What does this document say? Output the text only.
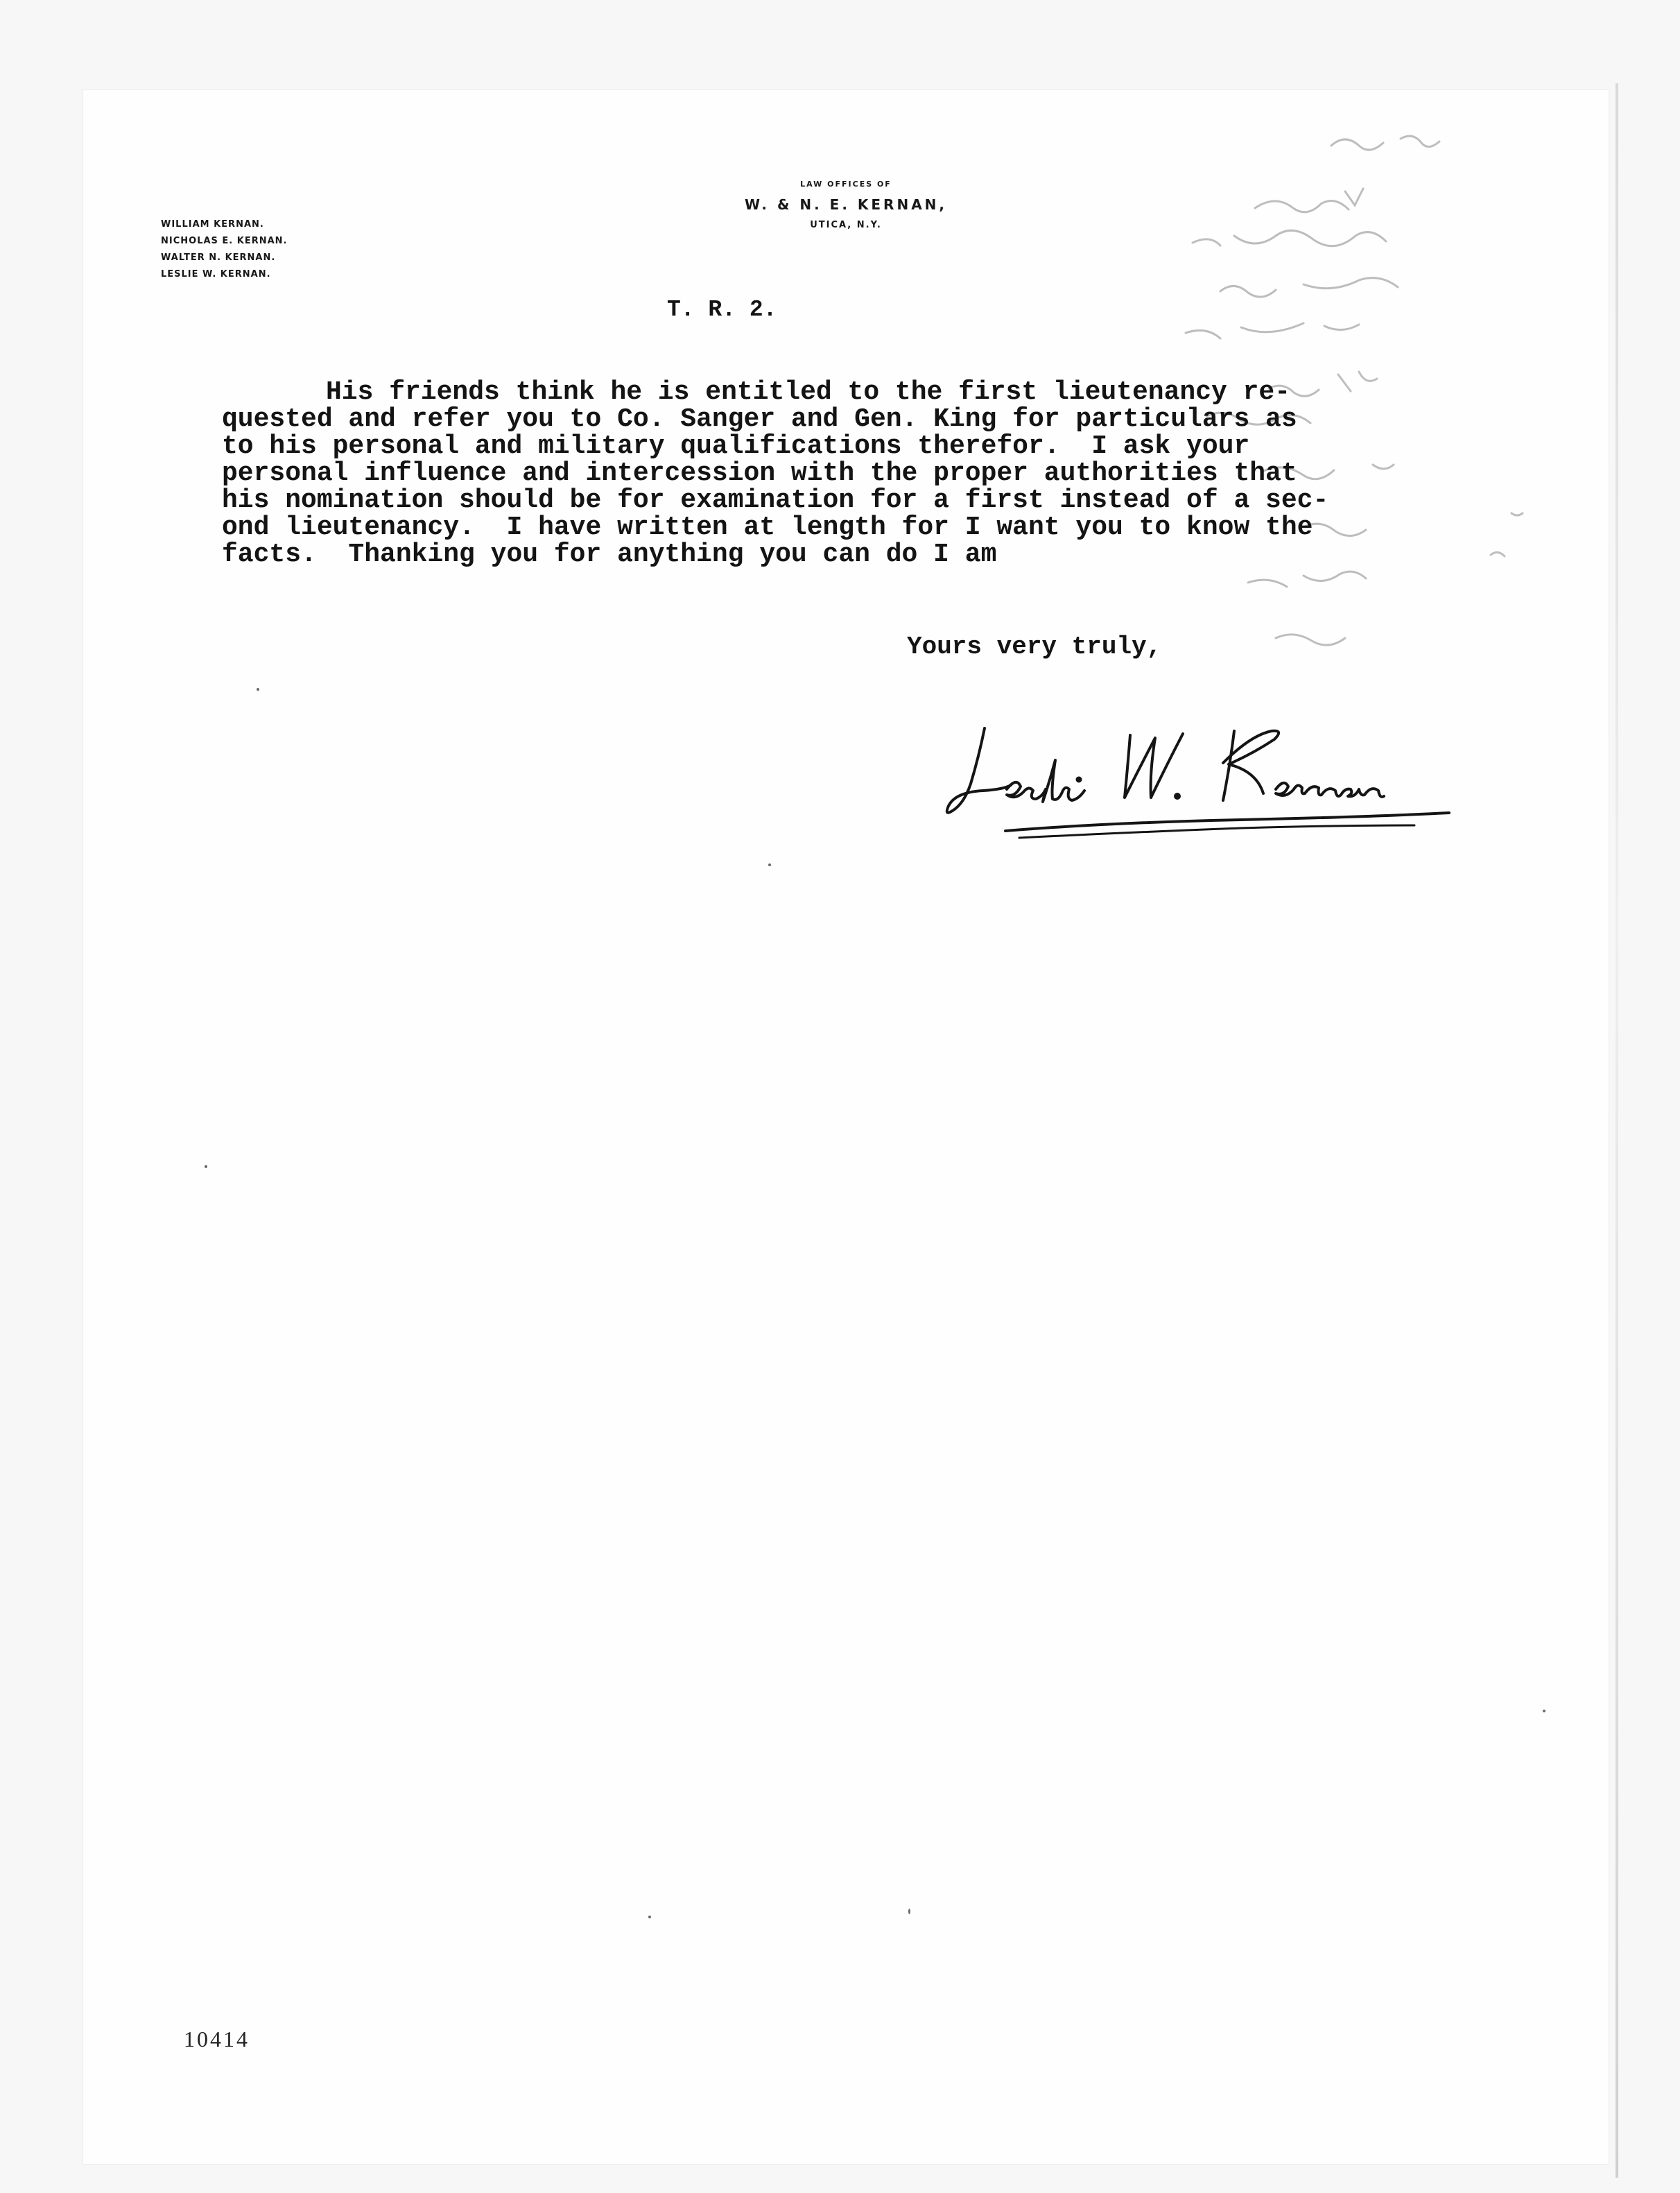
WILLIAM KERNAN.
NICHOLAS E. KERNAN.
WALTER N. KERNAN.
LESLIE W. KERNAN.
LAW OFFICES OF
W. & N. E. KERNAN,
UTICA, N.Y.
T. R. 2.
His friends think he is entitled to the first lieutenancy re-
quested and refer you to Co. Sanger and Gen. King for particulars as
to his personal and military qualifications therefor.  I ask your
personal influence and intercession with the proper authorities that
his nomination should be for examination for a first instead of a sec-
ond lieutenancy.  I have written at length for I want you to know the
facts.  Thanking you for anything you can do I am
Yours very truly,
10414
